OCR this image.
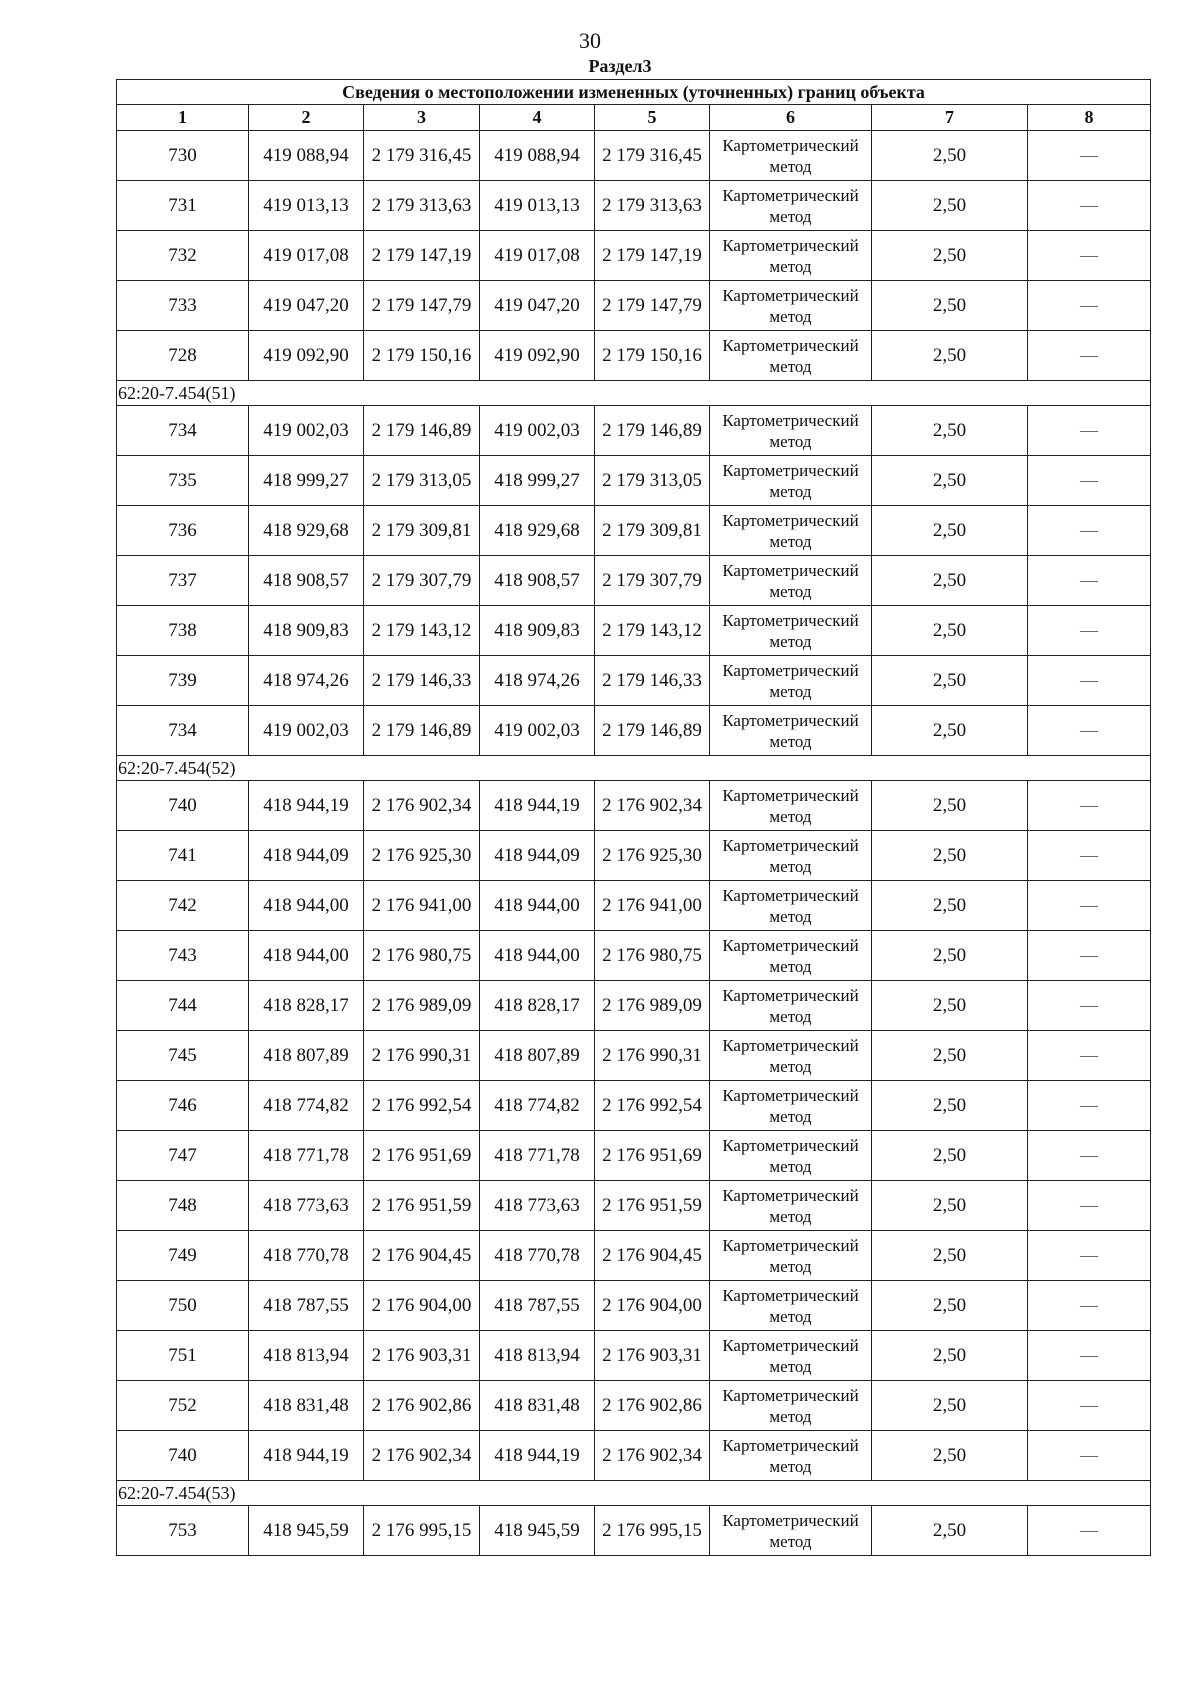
30
Раздел3
Сведения о местоположении измененных (уточненных) границ объекта							
1	2	3	4	5	6	7	8
730	419 088,94	2 179 316,45	419 088,94	2 179 316,45	Картометрический метод	2,50	—
731	419 013,13	2 179 313,63	419 013,13	2 179 313,63	Картометрический метод	2,50	—
732	419 017,08	2 179 147,19	419 017,08	2 179 147,19	Картометрический метод	2,50	—
733	419 047,20	2 179 147,79	419 047,20	2 179 147,79	Картометрический метод	2,50	—
728	419 092,90	2 179 150,16	419 092,90	2 179 150,16	Картометрический метод	2,50	—
62:20-7.454(51)							
734	419 002,03	2 179 146,89	419 002,03	2 179 146,89	Картометрический метод	2,50	—
735	418 999,27	2 179 313,05	418 999,27	2 179 313,05	Картометрический метод	2,50	—
736	418 929,68	2 179 309,81	418 929,68	2 179 309,81	Картометрический метод	2,50	—
737	418 908,57	2 179 307,79	418 908,57	2 179 307,79	Картометрический метод	2,50	—
738	418 909,83	2 179 143,12	418 909,83	2 179 143,12	Картометрический метод	2,50	—
739	418 974,26	2 179 146,33	418 974,26	2 179 146,33	Картометрический метод	2,50	—
734	419 002,03	2 179 146,89	419 002,03	2 179 146,89	Картометрический метод	2,50	—
62:20-7.454(52)							
740	418 944,19	2 176 902,34	418 944,19	2 176 902,34	Картометрический метод	2,50	—
741	418 944,09	2 176 925,30	418 944,09	2 176 925,30	Картометрический метод	2,50	—
742	418 944,00	2 176 941,00	418 944,00	2 176 941,00	Картометрический метод	2,50	—
743	418 944,00	2 176 980,75	418 944,00	2 176 980,75	Картометрический метод	2,50	—
744	418 828,17	2 176 989,09	418 828,17	2 176 989,09	Картометрический метод	2,50	—
745	418 807,89	2 176 990,31	418 807,89	2 176 990,31	Картометрический метод	2,50	—
746	418 774,82	2 176 992,54	418 774,82	2 176 992,54	Картометрический метод	2,50	—
747	418 771,78	2 176 951,69	418 771,78	2 176 951,69	Картометрический метод	2,50	—
748	418 773,63	2 176 951,59	418 773,63	2 176 951,59	Картометрический метод	2,50	—
749	418 770,78	2 176 904,45	418 770,78	2 176 904,45	Картометрический метод	2,50	—
750	418 787,55	2 176 904,00	418 787,55	2 176 904,00	Картометрический метод	2,50	—
751	418 813,94	2 176 903,31	418 813,94	2 176 903,31	Картометрический метод	2,50	—
752	418 831,48	2 176 902,86	418 831,48	2 176 902,86	Картометрический метод	2,50	—
740	418 944,19	2 176 902,34	418 944,19	2 176 902,34	Картометрический метод	2,50	—
62:20-7.454(53)							
753	418 945,59	2 176 995,15	418 945,59	2 176 995,15	Картометрический метод	2,50	—
